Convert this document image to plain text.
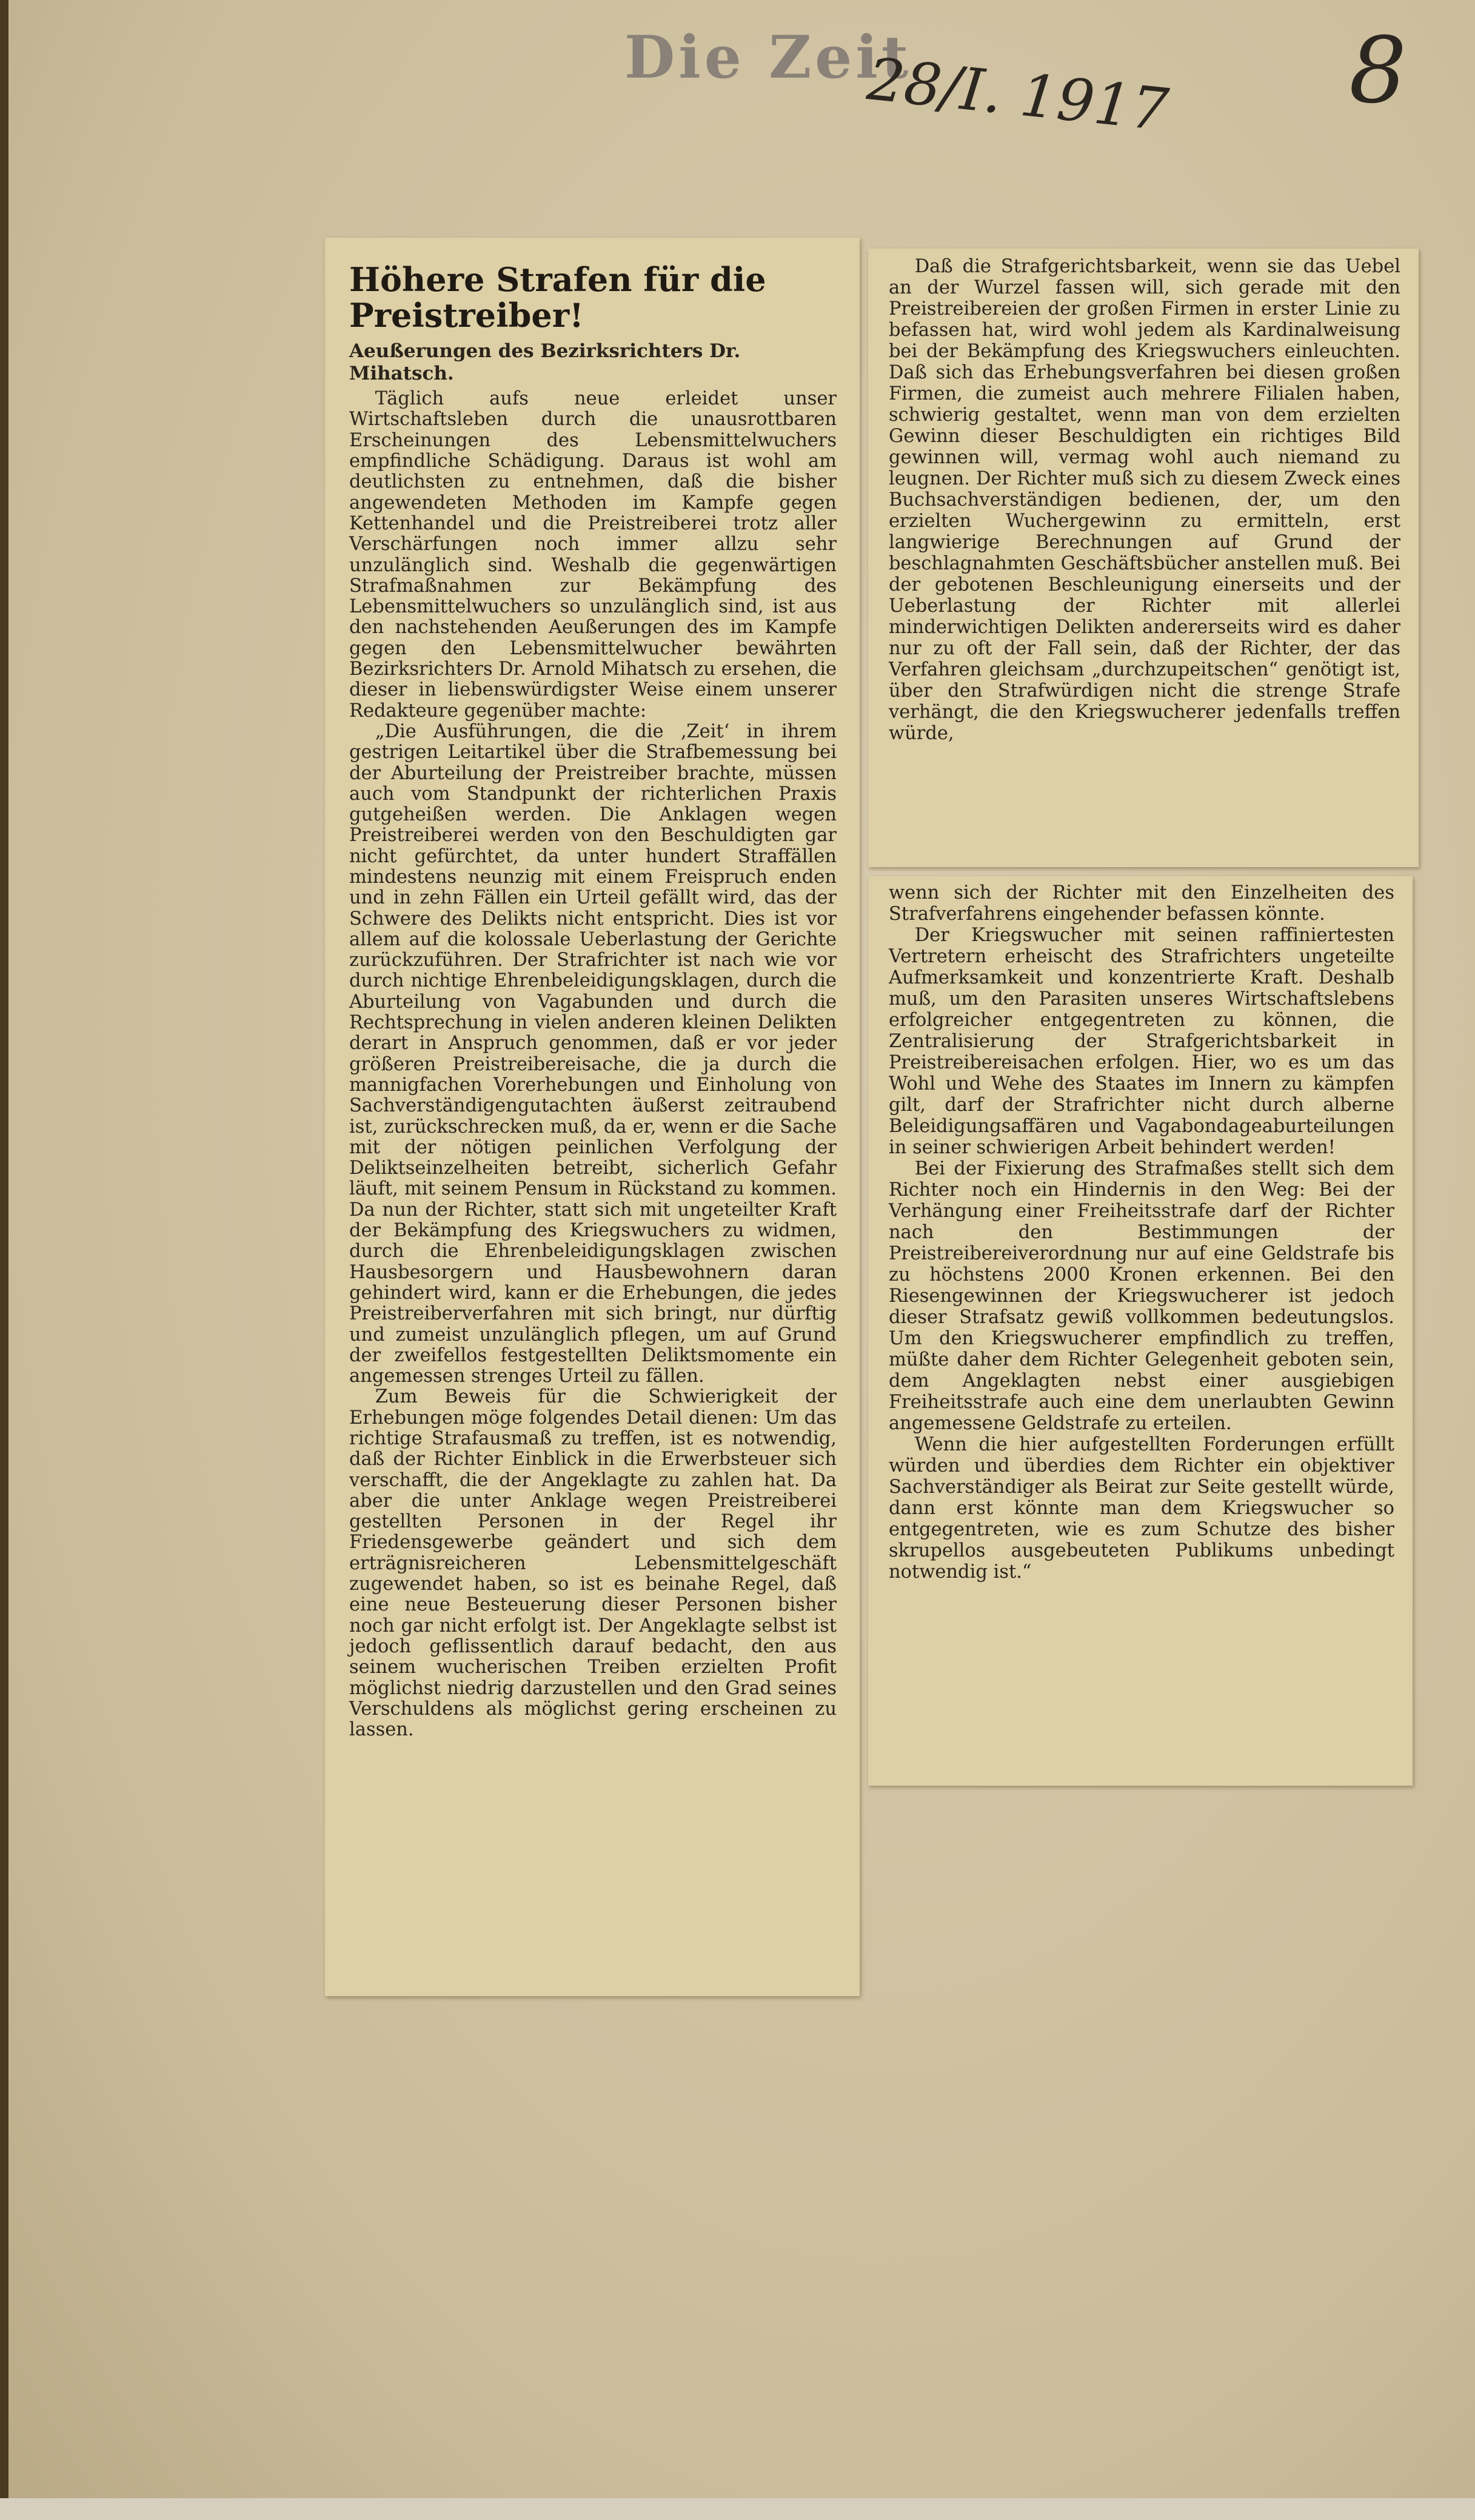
Die Zeit
28/I. 1917 8
Höhere Strafen für die Preistreiber!
Aeußerungen des Bezirksrichters Dr. Mihatsch.

Täglich aufs neue erleidet unser Wirtschaftsleben durch die unausrottbaren Erscheinungen des Lebensmittelwuchers empfindliche Schädigung. Daraus ist wohl am deutlichsten zu entnehmen, daß die bisher angewendeten Methoden im Kampfe gegen Kettenhandel und die Preistreiberei trotz aller Verschärfungen noch immer allzu sehr unzulänglich sind. Weshalb die gegenwärtigen Strafmaßnahmen zur Bekämpfung des Lebensmittelwuchers so unzulänglich sind, ist aus den nachstehenden Aeußerungen des im Kampfe gegen den Lebensmittelwucher bewährten Bezirksrichters Dr. Arnold Mihatsch zu ersehen, die dieser in liebenswürdigster Weise einem unserer Redakteure gegenüber machte:

„Die Ausführungen, die die ‚Zeit‘ in ihrem gestrigen Leitartikel über die Strafbemessung bei der Aburteilung der Preistreiber brachte, müssen auch vom Standpunkt der richterlichen Praxis gutgeheißen werden. Die Anklagen wegen Preistreiberei werden von den Beschuldigten gar nicht gefürchtet, da unter hundert Straffällen mindestens neunzig mit einem Freispruch enden und in zehn Fällen ein Urteil gefällt wird, das der Schwere des Delikts nicht entspricht. Dies ist vor allem auf die kolossale Ueberlastung der Gerichte zurückzuführen. Der Strafrichter ist nach wie vor durch nichtige Ehrenbeleidigungsklagen, durch die Aburteilung von Vagabunden und durch die Rechtsprechung in vielen anderen kleinen Delikten derart in Anspruch genommen, daß er vor jeder größeren Preistreibereisache, die ja durch die mannigfachen Vorerhebungen und Einholung von Sachverständigengutachten äußerst zeitraubend ist, zurückschrecken muß, da er, wenn er die Sache mit der nötigen peinlichen Verfolgung der Deliktseinzelheiten betreibt, sicherlich Gefahr läuft, mit seinem Pensum in Rückstand zu kommen. Da nun der Richter, statt sich mit ungeteilter Kraft der Bekämpfung des Kriegswuchers zu widmen, durch die Ehrenbeleidigungsklagen zwischen Hausbesorgern und Hausbewohnern daran gehindert wird, kann er die Erhebungen, die jedes Preistreiberverfahren mit sich bringt, nur dürftig und zumeist unzulänglich pflegen, um auf Grund der zweifellos festgestellten Deliktsmomente ein angemessen strenges Urteil zu fällen.

Zum Beweis für die Schwierigkeit der Erhebungen möge folgendes Detail dienen: Um das richtige Strafausmaß zu treffen, ist es notwendig, daß der Richter Einblick in die Erwerbsteuer sich verschafft, die der Angeklagte zu zahlen hat. Da aber die unter Anklage wegen Preistreiberei gestellten Personen in der Regel ihr Friedensgewerbe geändert und sich dem erträgnisreicheren Lebensmittelgeschäft zugewendet haben, so ist es beinahe Regel, daß eine neue Besteuerung dieser Personen bisher noch gar nicht erfolgt ist. Der Angeklagte selbst ist jedoch geflissentlich darauf bedacht, den aus seinem wucherischen Treiben erzielten Profit möglichst niedrig darzustellen und den Grad seines Verschuldens als möglichst gering erscheinen zu lassen.

Daß die Strafgerichtsbarkeit, wenn sie das Uebel an der Wurzel fassen will, sich gerade mit den Preistreibereien der großen Firmen in erster Linie zu befassen hat, wird wohl jedem als Kardinalweisung bei der Bekämpfung des Kriegswuchers einleuchten. Daß sich das Erhebungsverfahren bei diesen großen Firmen, die zumeist auch mehrere Filialen haben, schwierig gestaltet, wenn man von dem erzielten Gewinn dieser Beschuldigten ein richtiges Bild gewinnen will, vermag wohl auch niemand zu leugnen. Der Richter muß sich zu diesem Zweck eines Buchsachverständigen bedienen, der, um den erzielten Wuchergewinn zu ermitteln, erst langwierige Berechnungen auf Grund der beschlagnahmten Geschäftsbücher anstellen muß. Bei der gebotenen Beschleunigung einerseits und der Ueberlastung der Richter mit allerlei minderwichtigen Delikten andererseits wird es daher nur zu oft der Fall sein, daß der Richter, der das Verfahren gleichsam „durchzupeitschen“ genötigt ist, über den Strafwürdigen nicht die strenge Strafe verhängt, die den Kriegswucherer jedenfalls treffen würde,

wenn sich der Richter mit den Einzelheiten des Strafverfahrens eingehender befassen könnte.

Der Kriegswucher mit seinen raffiniertesten Vertretern erheischt des Strafrichters ungeteilte Aufmerksamkeit und konzentrierte Kraft. Deshalb muß, um den Parasiten unseres Wirtschaftslebens erfolgreicher entgegentreten zu können, die Zentralisierung der Strafgerichtsbarkeit in Preistreibereisachen erfolgen. Hier, wo es um das Wohl und Wehe des Staates im Innern zu kämpfen gilt, darf der Strafrichter nicht durch alberne Beleidigungsaffären und Vagabondageaburteilungen in seiner schwierigen Arbeit behindert werden!

Bei der Fixierung des Strafmaßes stellt sich dem Richter noch ein Hindernis in den Weg: Bei der Verhängung einer Freiheitsstrafe darf der Richter nach den Bestimmungen der Preistreibereiverordnung nur auf eine Geldstrafe bis zu höchstens 2000 Kronen erkennen. Bei den Riesengewinnen der Kriegswucherer ist jedoch dieser Strafsatz gewiß vollkommen bedeutungslos. Um den Kriegswucherer empfindlich zu treffen, müßte daher dem Richter Gelegenheit geboten sein, dem Angeklagten nebst einer ausgiebigen Freiheitsstrafe auch eine dem unerlaubten Gewinn angemessene Geldstrafe zu erteilen.

Wenn die hier aufgestellten Forderungen erfüllt würden und überdies dem Richter ein objektiver Sachverständiger als Beirat zur Seite gestellt würde, dann erst könnte man dem Kriegswucher so entgegentreten, wie es zum Schutze des bisher skrupellos ausgebeuteten Publikums unbedingt notwendig ist.“
